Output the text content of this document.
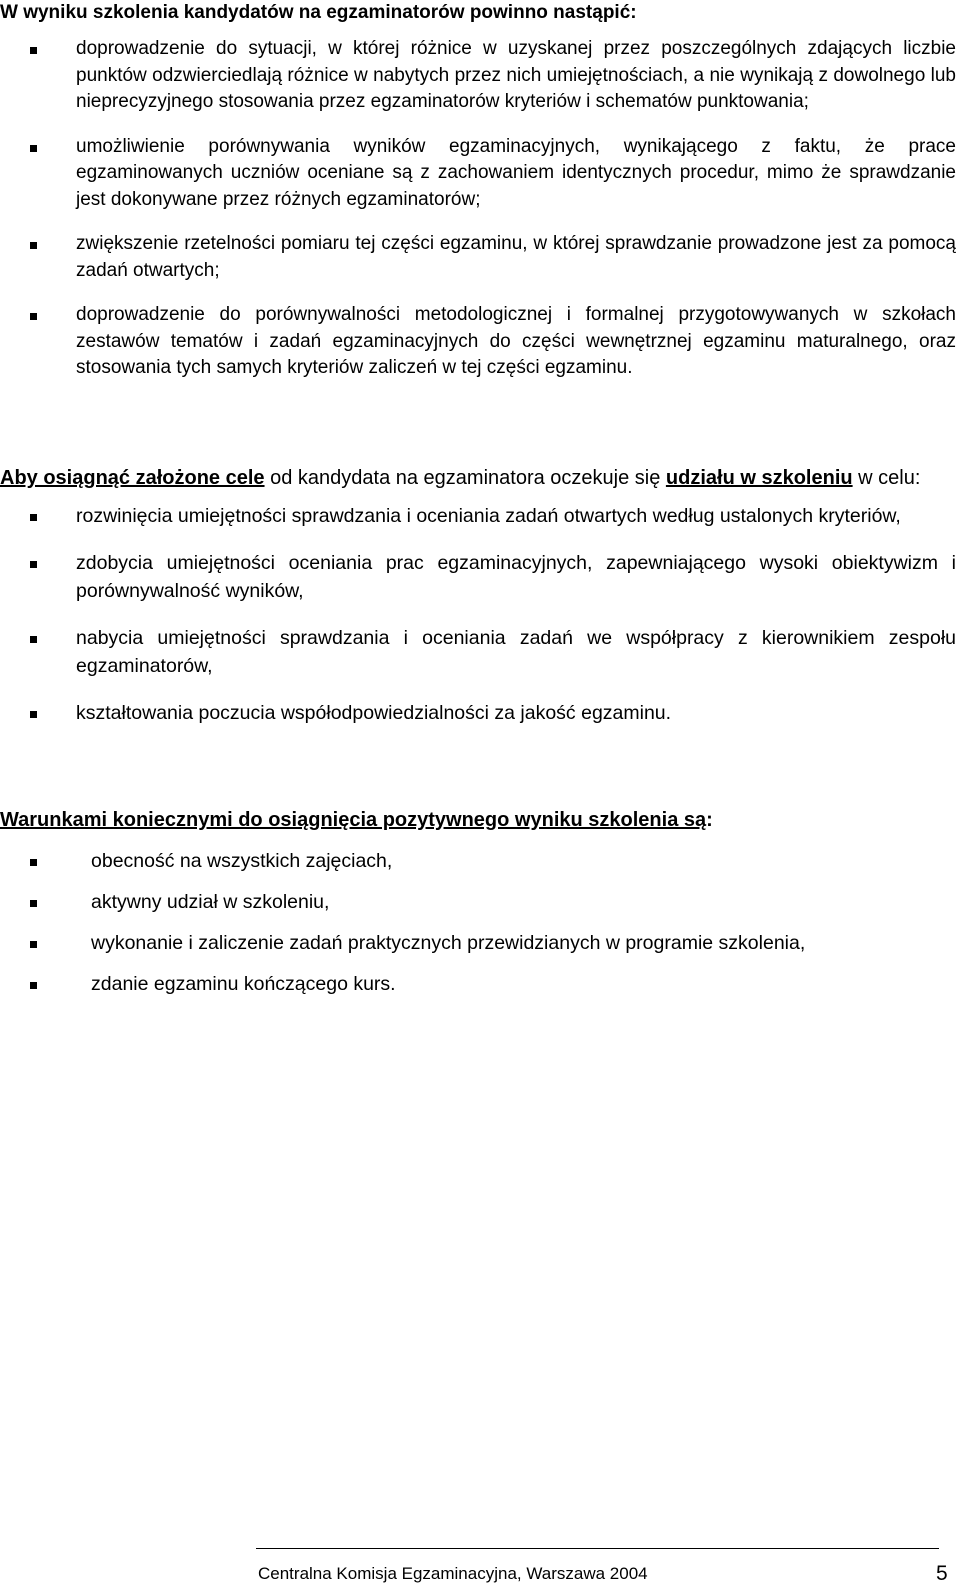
W wyniku szkolenia kandydatów na egzaminatorów powinno nastąpić:

doprowadzenie do sytuacji, w której różnice w uzyskanej przez poszczególnych zdających liczbie punktów odzwierciedlają różnice w nabytych przez nich umiejętnościach, a nie wynikają z dowolnego lub nieprecyzyjnego stosowania przez egzaminatorów kryteriów i schematów punktowania;
umożliwienie porównywania wyników egzaminacyjnych, wynikającego z faktu, że prace egzaminowanych uczniów oceniane są z zachowaniem identycznych procedur, mimo że sprawdzanie jest dokonywane przez różnych egzaminatorów;
zwiększenie rzetelności pomiaru tej części egzaminu, w której sprawdzanie prowadzone jest za pomocą zadań otwartych;
doprowadzenie do porównywalności metodologicznej i formalnej przygotowywanych w szkołach zestawów tematów i zadań egzaminacyjnych do części wewnętrznej egzaminu maturalnego, oraz stosowania tych samych kryteriów zaliczeń w tej części egzaminu.

Aby osiągnąć założone cele od kandydata na egzaminatora oczekuje się udziału w szkoleniu w celu:

rozwinięcia umiejętności sprawdzania i oceniania zadań otwartych według ustalonych kryteriów,
zdobycia umiejętności oceniania prac egzaminacyjnych, zapewniającego wysoki obiektywizm i porównywalność wyników,
nabycia umiejętności sprawdzania i oceniania zadań we współpracy z kierownikiem zespołu egzaminatorów,
kształtowania poczucia współodpowiedzialności za jakość egzaminu.

Warunkami koniecznymi do osiągnięcia pozytywnego wyniku szkolenia są:

obecność na wszystkich zajęciach,
aktywny udział w szkoleniu,
wykonanie i zaliczenie zadań praktycznych przewidzianych w programie szkolenia,
zdanie egzaminu kończącego kurs.
Centralna Komisja Egzaminacyjna, Warszawa 2004	5
